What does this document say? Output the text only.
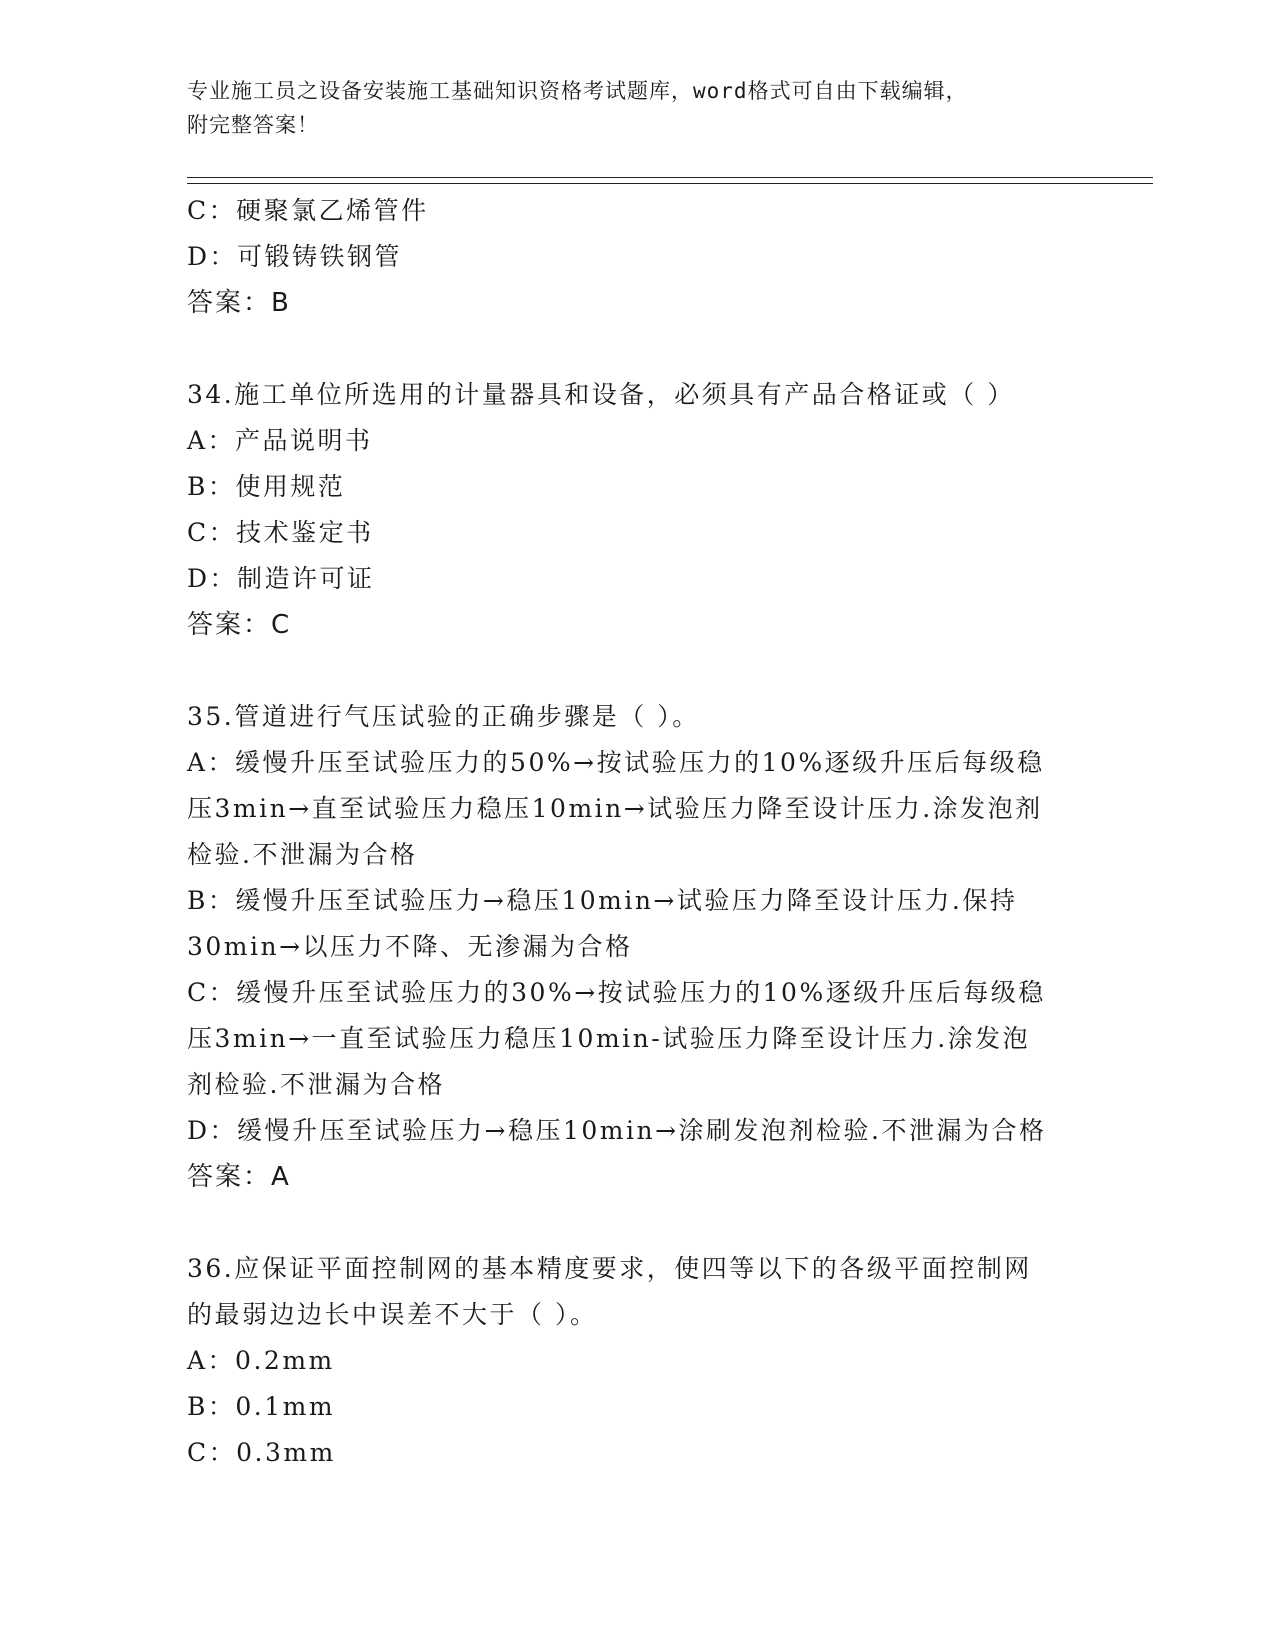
专业施工员之设备安装施工基础知识资格考试题库，word格式可自由下载编辑，
附完整答案！
C：硬聚氯乙烯管件
D：可锻铸铁钢管
答案：B
34.施工单位所选用的计量器具和设备，必须具有产品合格证或（ ）
A：产品说明书
B：使用规范
C：技术鉴定书
D：制造许可证
答案：C
35.管道进行气压试验的正确步骤是（ ）。
A：缓慢升压至试验压力的50%→按试验压力的10%逐级升压后每级稳
压3min→直至试验压力稳压10min→试验压力降至设计压力.涂发泡剂
检验.不泄漏为合格
B：缓慢升压至试验压力→稳压10min→试验压力降至设计压力.保持
30min→以压力不降、无渗漏为合格
C：缓慢升压至试验压力的30%→按试验压力的10%逐级升压后每级稳
压3min→一直至试验压力稳压10min-试验压力降至设计压力.涂发泡
剂检验.不泄漏为合格
D：缓慢升压至试验压力→稳压10min→涂刷发泡剂检验.不泄漏为合格
答案：A
36.应保证平面控制网的基本精度要求，使四等以下的各级平面控制网
的最弱边边长中误差不大于（ ）。
A：0.2mm
B：0.1mm
C：0.3mm
